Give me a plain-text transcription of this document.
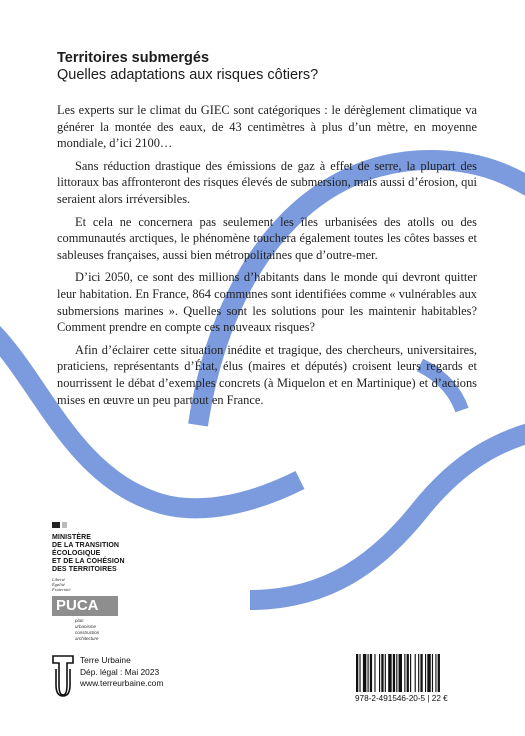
Territoires submergés
Quelles adaptations aux risques côtiers?

Les experts sur le climat du GIEC sont catégoriques : le dérèglement climatique va générer la montée des eaux, de 43 centimètres à plus d’un mètre, en moyenne mondiale, d’ici 2100…

Sans réduction drastique des émissions de gaz à effet de serre, la plupart des littoraux bas affronteront des risques élevés de submersion, mais aussi d’érosion, qui seraient alors irréversibles.

Et cela ne concernera pas seulement les îles urbanisées des atolls ou des communautés arctiques, le phénomène touchera également toutes les côtes basses et sableuses françaises, aussi bien métropolitaines que d’outre-mer.

D’ici 2050, ce sont des millions d’habitants dans le monde qui devront quitter leur habitation. En France, 864 communes sont identifiées comme « vulnérables aux submersions marines ». Quelles sont les solutions pour les maintenir habitables? Comment prendre en compte ces nouveaux risques?

Afin d’éclairer cette situation inédite et tragique, des chercheurs, universitaires, praticiens, représentants d’État, élus (maires et députés) croisent leurs regards et nourrissent le débat d’exemples concrets (à Miquelon et en Martinique) et d’actions mises en œuvre un peu partout en France.

MINISTÈRE
DE LA TRANSITION
ÉCOLOGIQUE
ET DE LA COHÉSION
DES TERRITOIRES
Liberté
Égalité
Fraternité
PUCA
plan
urbanisme
construction
architecture
Terre Urbaine
Dép. légal : Mai 2023
www.terreurbaine.com
978-2-491546-20-5 | 22 €
